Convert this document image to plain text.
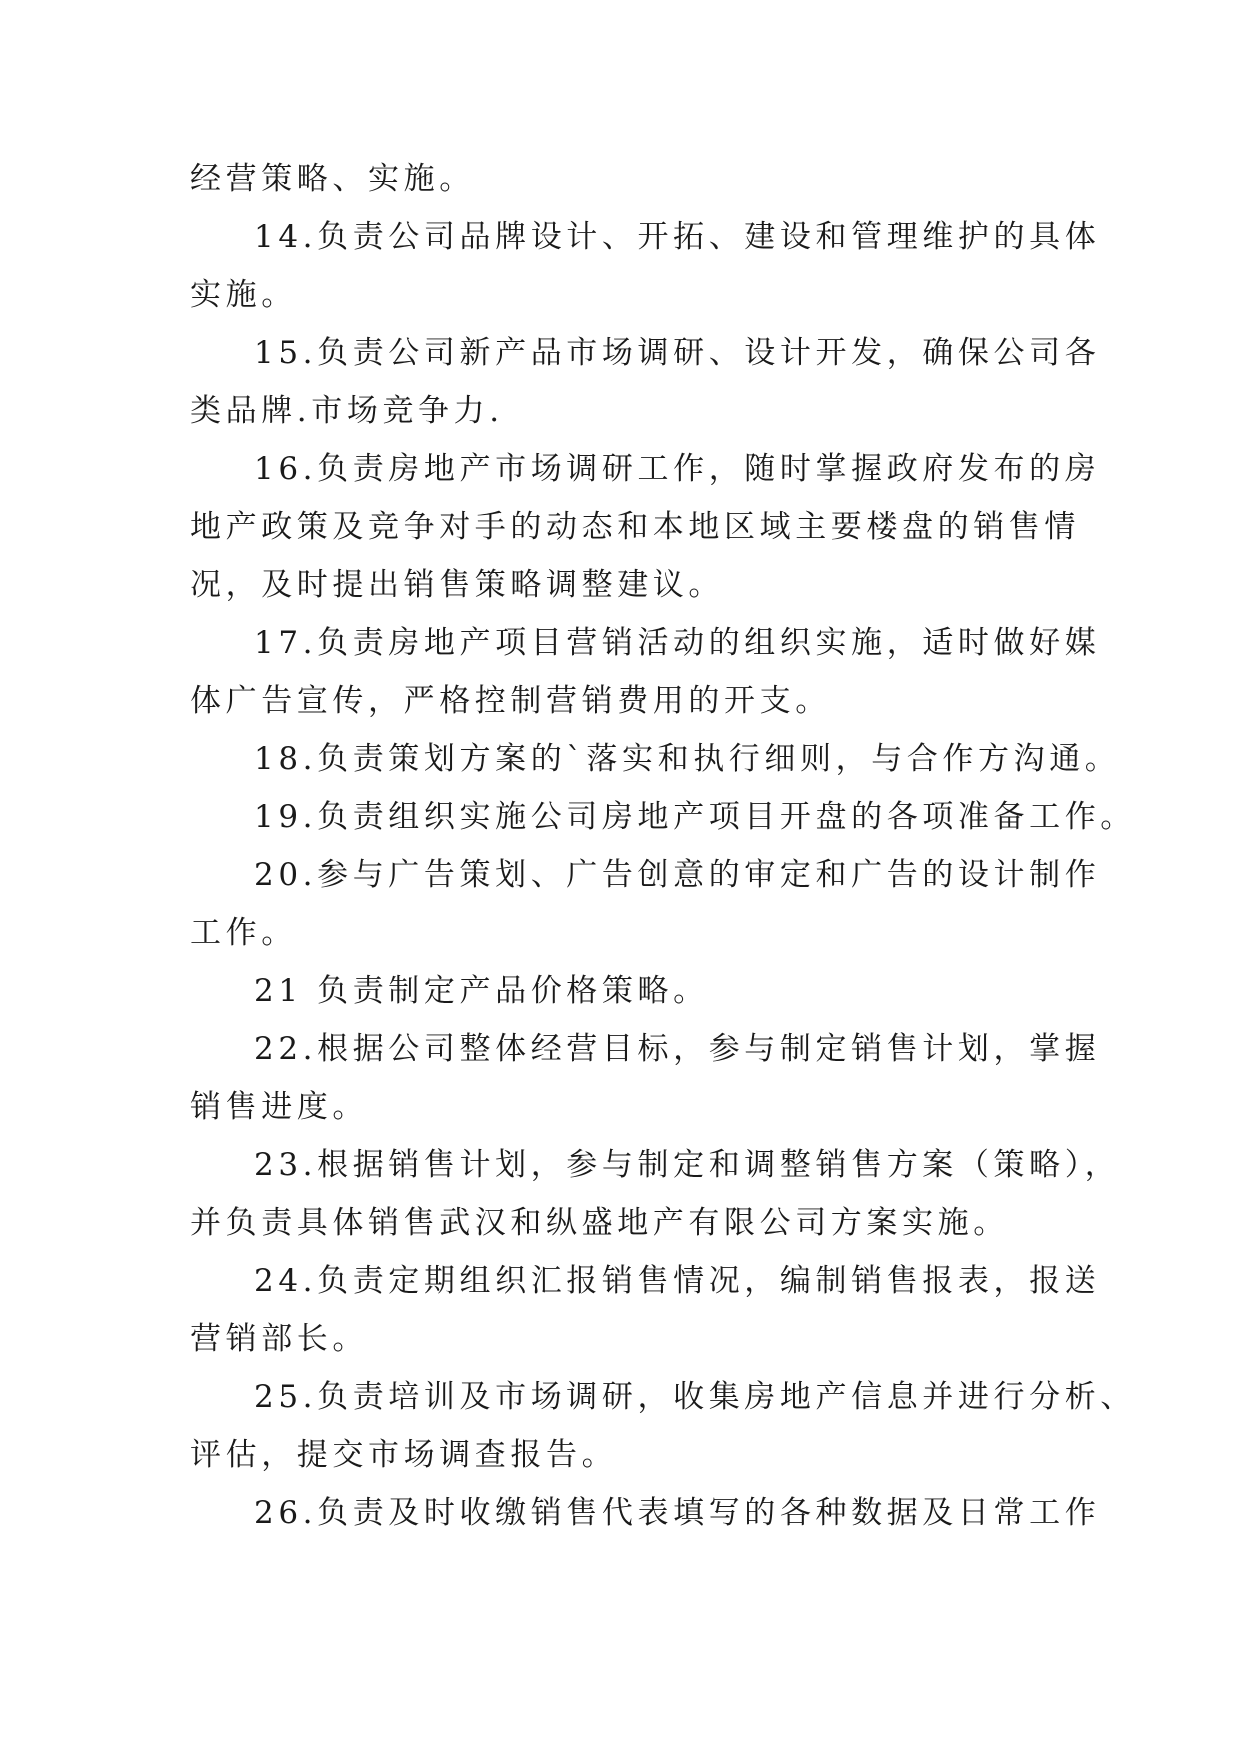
经营策略、实施。
14.负责公司品牌设计、开拓、建设和管理维护的具体
实施。
15.负责公司新产品市场调研、设计开发，确保公司各
类品牌.市场竞争力.
16.负责房地产市场调研工作，随时掌握政府发布的房
地产政策及竞争对手的动态和本地区域主要楼盘的销售情
况，及时提出销售策略调整建议。
17.负责房地产项目营销活动的组织实施，适时做好媒
体广告宣传，严格控制营销费用的开支。
18.负责策划方案的`落实和执行细则，与合作方沟通。
19.负责组织实施公司房地产项目开盘的各项准备工作。
20.参与广告策划、广告创意的审定和广告的设计制作
工作。
21 负责制定产品价格策略。
22.根据公司整体经营目标，参与制定销售计划，掌握
销售进度。
23.根据销售计划，参与制定和调整销售方案（策略），
并负责具体销售武汉和纵盛地产有限公司方案实施。
24.负责定期组织汇报销售情况，编制销售报表，报送
营销部长。
25.负责培训及市场调研，收集房地产信息并进行分析、
评估，提交市场调查报告。
26.负责及时收缴销售代表填写的各种数据及日常工作
